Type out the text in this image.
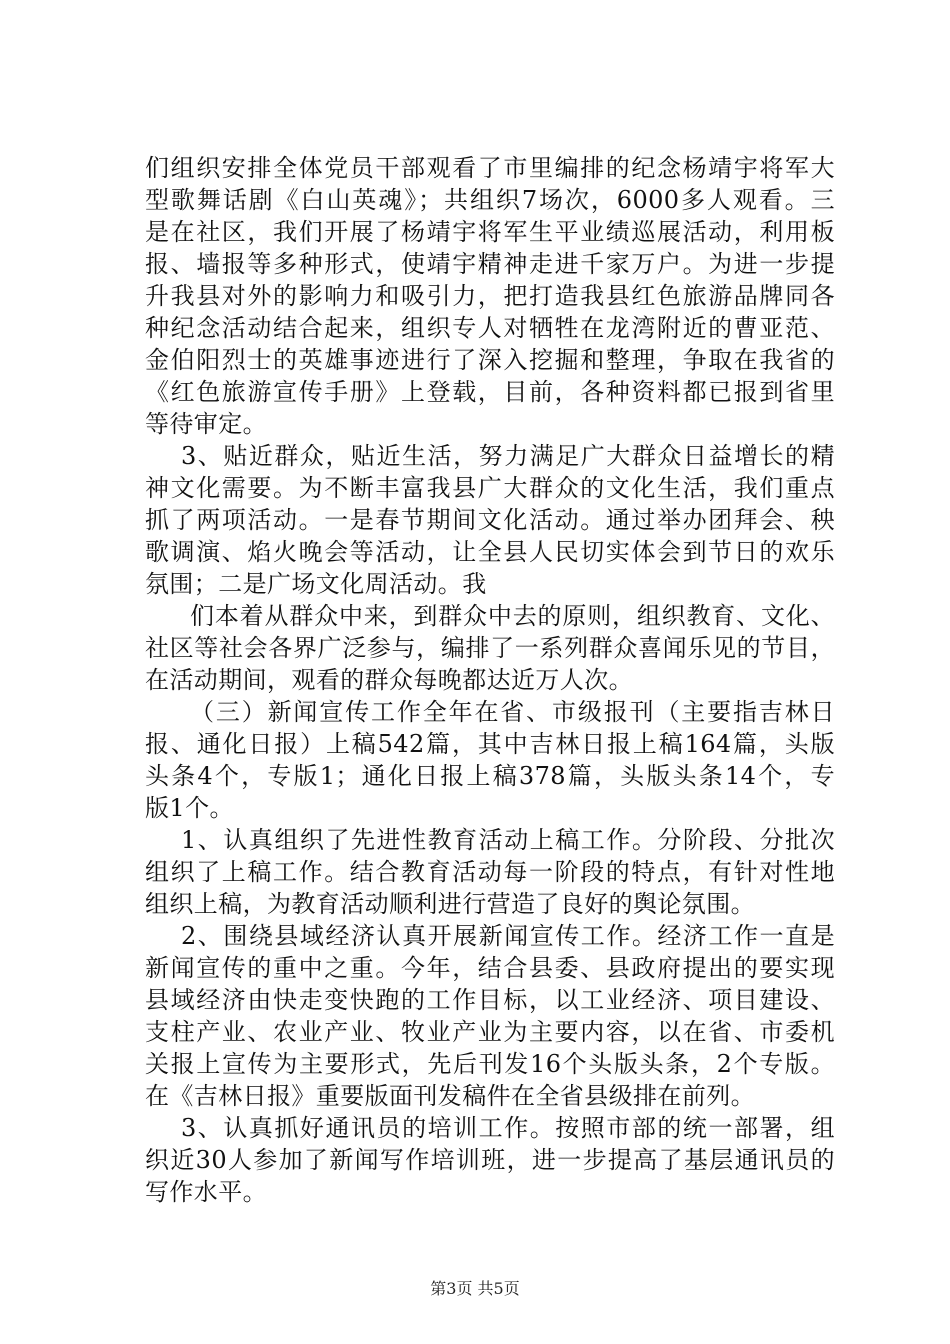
们组织安排全体党员干部观看了市里编排的纪念杨靖宇将军大
型歌舞话剧《白山英魂》；共组织7场次，6000多人观看。三
是在社区，我们开展了杨靖宇将军生平业绩巡展活动，利用板
报、墙报等多种形式，使靖宇精神走进千家万户。为进一步提
升我县对外的影响力和吸引力，把打造我县红色旅游品牌同各
种纪念活动结合起来，组织专人对牺牲在龙湾附近的曹亚范、
金伯阳烈士的英雄事迹进行了深入挖掘和整理，争取在我省的
《红色旅游宣传手册》上登载，目前，各种资料都已报到省里
等待审定。
3、贴近群众，贴近生活，努力满足广大群众日益增长的精
神文化需要。为不断丰富我县广大群众的文化生活，我们重点
抓了两项活动。一是春节期间文化活动。通过举办团拜会、秧
歌调演、焰火晚会等活动，让全县人民切实体会到节日的欢乐
氛围；二是广场文化周活动。我
们本着从群众中来，到群众中去的原则，组织教育、文化、
社区等社会各界广泛参与，编排了一系列群众喜闻乐见的节目，
在活动期间，观看的群众每晚都达近万人次。
（三）新闻宣传工作全年在省、市级报刊（主要指吉林日
报、通化日报）上稿542篇，其中吉林日报上稿164篇，头版
头条4个，专版1；通化日报上稿378篇，头版头条14个，专
版1个。
1、认真组织了先进性教育活动上稿工作。分阶段、分批次
组织了上稿工作。结合教育活动每一阶段的特点，有针对性地
组织上稿，为教育活动顺利进行营造了良好的舆论氛围。
2、围绕县域经济认真开展新闻宣传工作。经济工作一直是
新闻宣传的重中之重。今年，结合县委、县政府提出的要实现
县域经济由快走变快跑的工作目标，以工业经济、项目建设、
支柱产业、农业产业、牧业产业为主要内容，以在省、市委机
关报上宣传为主要形式，先后刊发16个头版头条，2个专版。
在《吉林日报》重要版面刊发稿件在全省县级排在前列。
3、认真抓好通讯员的培训工作。按照市部的统一部署，组
织近30人参加了新闻写作培训班，进一步提高了基层通讯员的
写作水平。
第3页 共5页
